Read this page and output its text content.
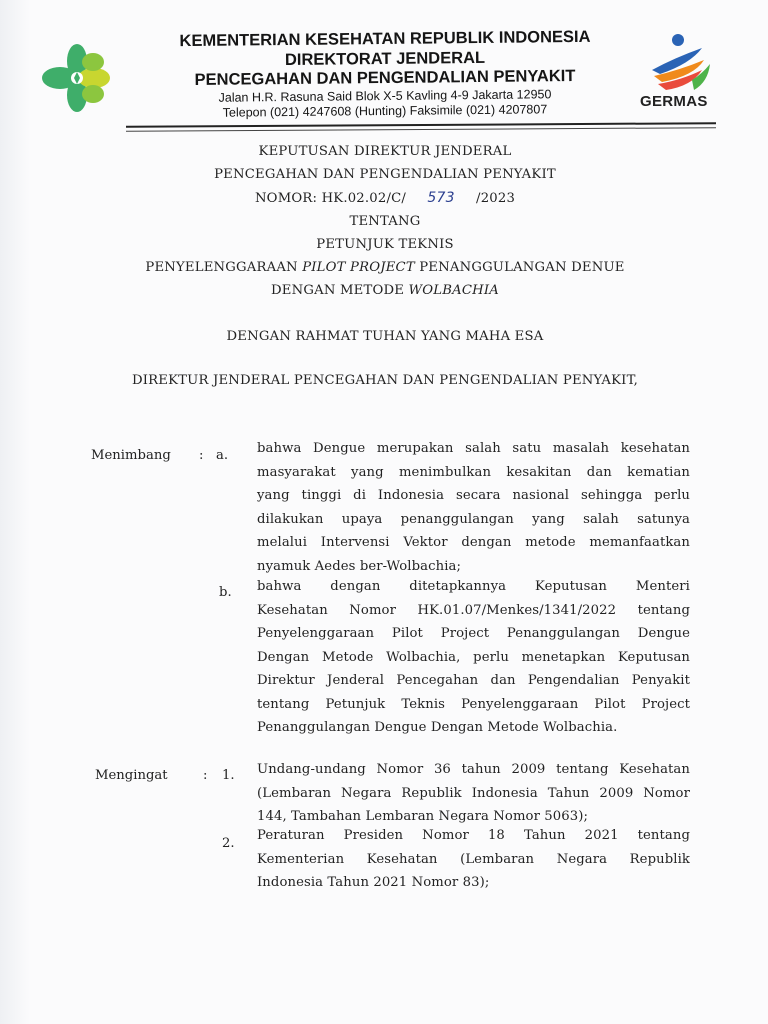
KEMENTERIAN KESEHATAN REPUBLIK INDONESIA
DIREKTORAT JENDERAL
PENCEGAHAN DAN PENGENDALIAN PENYAKIT
Jalan H.R. Rasuna Said Blok X-5 Kavling 4-9 Jakarta 12950
Telepon (021) 4247608 (Hunting) Faksimile (021) 4207807
GERMAS
KEPUTUSAN DIREKTUR JENDERAL
PENCEGAHAN DAN PENGENDALIAN PENYAKIT
NOMOR: HK.02.02/C/ 573 /2023
TENTANG
PETUNJUK TEKNIS
PENYELENGGARAAN PILOT PROJECT PENANGGULANGAN DENUE
DENGAN METODE WOLBACHIA
DENGAN RAHMAT TUHAN YANG MAHA ESA
DIREKTUR JENDERAL PENCEGAHAN DAN PENGENDALIAN PENYAKIT,
Menimbang : a. bahwa Dengue merupakan salah satu masalah kesehatan
masyarakat yang menimbulkan kesakitan dan kematian
yang tinggi di Indonesia secara nasional sehingga perlu
dilakukan upaya penanggulangan yang salah satunya
melalui Intervensi Vektor dengan metode memanfaatkan
nyamuk Aedes ber-Wolbachia;
b. bahwa dengan ditetapkannya Keputusan Menteri
Kesehatan Nomor HK.01.07/Menkes/1341/2022 tentang
Penyelenggaraan Pilot Project Penanggulangan Dengue
Dengan Metode Wolbachia, perlu menetapkan Keputusan
Direktur Jenderal Pencegahan dan Pengendalian Penyakit
tentang Petunjuk Teknis Penyelenggaraan Pilot Project
Penanggulangan Dengue Dengan Metode Wolbachia.
Mengingat	: 1. Undang-undang Nomor 36 tahun 2009 tentang Kesehatan
(Lembaran Negara Republik Indonesia Tahun 2009 Nomor
144, Tambahan Lembaran Negara Nomor 5063);
2.
Peraturan Presiden Nomor 18 Tahun 2021 tentang
Kementerian Kesehatan (Lembaran Negara Republik
Indonesia Tahun 2021 Nomor 83);
